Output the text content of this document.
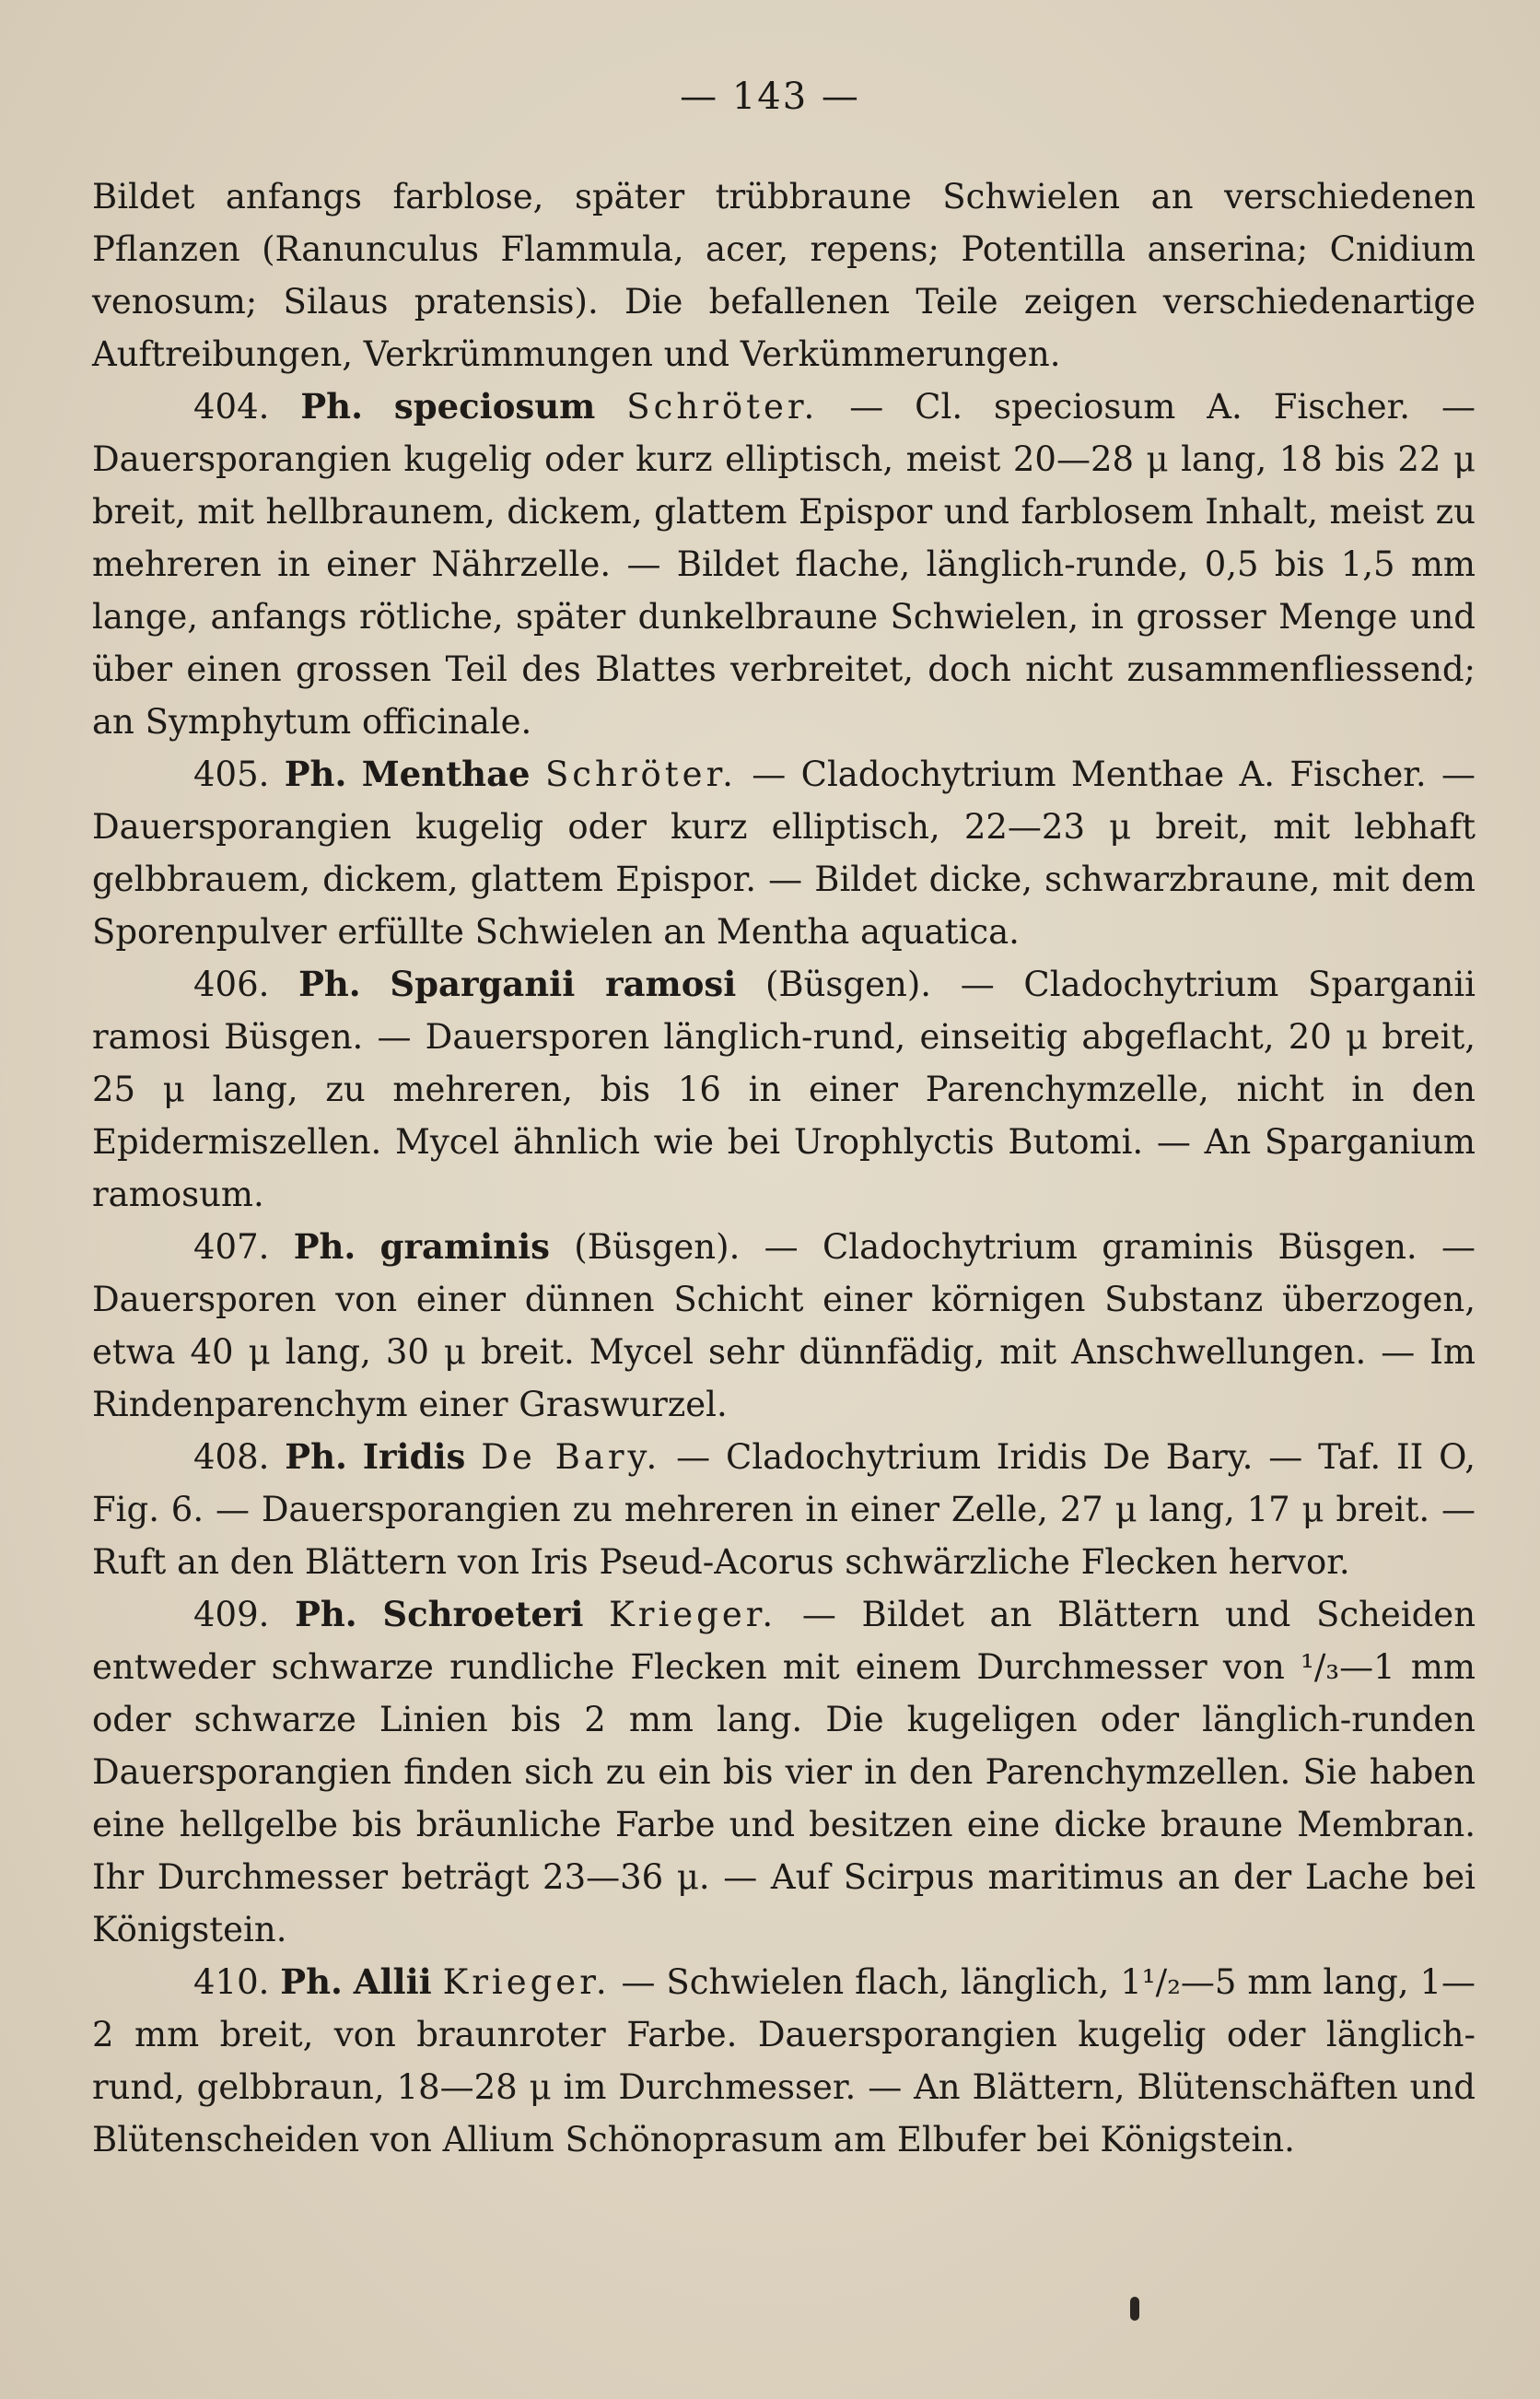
— 143 —

Bildet anfangs farblose, später trübbraune Schwielen an verschiedenen Pflanzen (Ranunculus Flammula, acer, repens; Potentilla anserina; Cnidium venosum; Silaus pratensis). Die befallenen Teile zeigen verschiedenartige Auftreibungen, Verkrümmungen und Verkümmerungen.

404. Ph. speciosum Schröter. — Cl. speciosum A. Fischer. — Dauersporangien kugelig oder kurz elliptisch, meist 20—28 μ lang, 18 bis 22 μ breit, mit hellbraunem, dickem, glattem Epispor und farblosem Inhalt, meist zu mehreren in einer Nährzelle. — Bildet flache, länglich-runde, 0,5 bis 1,5 mm lange, anfangs rötliche, später dunkelbraune Schwielen, in grosser Menge und über einen grossen Teil des Blattes verbreitet, doch nicht zusammenfliessend; an Symphytum officinale.

405. Ph. Menthae Schröter. — Cladochytrium Menthae A. Fischer. — Dauersporangien kugelig oder kurz elliptisch, 22—23 μ breit, mit lebhaft gelbbrauem, dickem, glattem Epispor. — Bildet dicke, schwarzbraune, mit dem Sporenpulver erfüllte Schwielen an Mentha aquatica.

406. Ph. Sparganii ramosi (Büsgen). — Cladochytrium Sparganii ramosi Büsgen. — Dauersporen länglich-rund, einseitig abgeflacht, 20 μ breit, 25 μ lang, zu mehreren, bis 16 in einer Parenchymzelle, nicht in den Epidermiszellen. Mycel ähnlich wie bei Urophlyctis Butomi. — An Sparganium ramosum.

407. Ph. graminis (Büsgen). — Cladochytrium graminis Büsgen. — Dauersporen von einer dünnen Schicht einer körnigen Substanz überzogen, etwa 40 μ lang, 30 μ breit. Mycel sehr dünnfädig, mit Anschwellungen. — Im Rindenparenchym einer Graswurzel.

408. Ph. Iridis De Bary. — Cladochytrium Iridis De Bary. — Taf. II O, Fig. 6. — Dauersporangien zu mehreren in einer Zelle, 27 μ lang, 17 μ breit. — Ruft an den Blättern von Iris Pseud-Acorus schwärzliche Flecken hervor.

409. Ph. Schroeteri Krieger. — Bildet an Blättern und Scheiden entweder schwarze rundliche Flecken mit einem Durchmesser von ¹/₃—1 mm oder schwarze Linien bis 2 mm lang. Die kugeligen oder länglich-runden Dauersporangien finden sich zu ein bis vier in den Parenchymzellen. Sie haben eine hellgelbe bis bräunliche Farbe und besitzen eine dicke braune Membran. Ihr Durchmesser beträgt 23—36 μ. — Auf Scirpus maritimus an der Lache bei Königstein.

410. Ph. Allii Krieger. — Schwielen flach, länglich, 1¹/₂—5 mm lang, 1—2 mm breit, von braunroter Farbe. Dauersporangien kugelig oder länglich-rund, gelbbraun, 18—28 μ im Durchmesser. — An Blättern, Blütenschäften und Blütenscheiden von Allium Schönoprasum am Elbufer bei Königstein.
